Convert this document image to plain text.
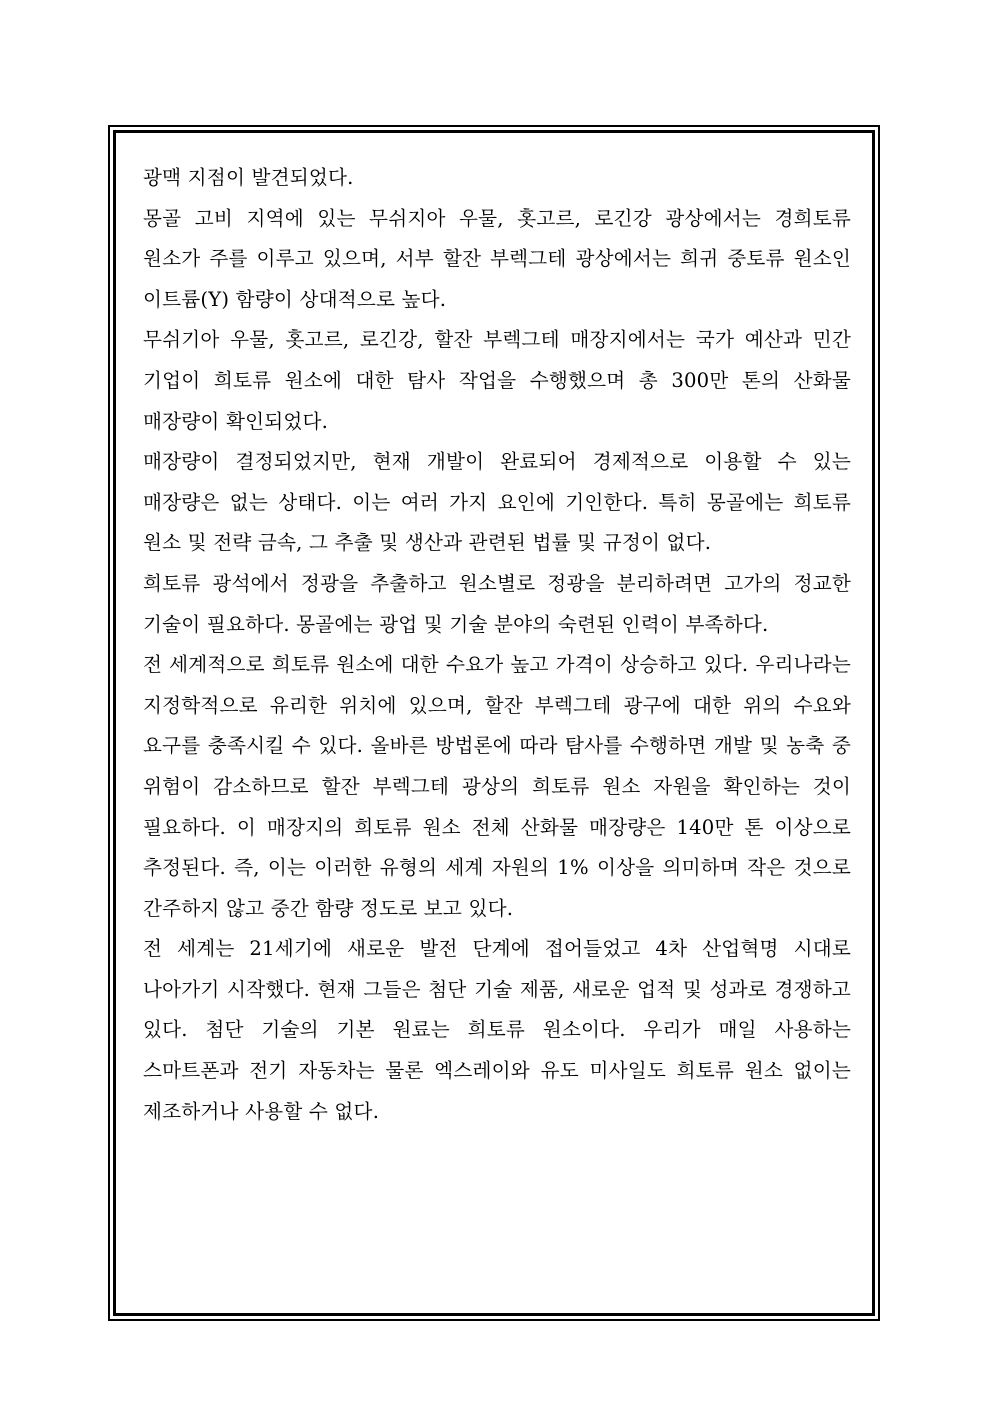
광맥 지점이 발견되었다.

몽골 고비 지역에 있는 무쉬지아 우물, 홋고르, 로긴강 광상에서는 경희토류 원소가 주를 이루고 있으며, 서부 할잔 부렉그테 광상에서는 희귀 중토류 원소인 이트륨(Y) 함량이 상대적으로 높다.

무쉬기아 우물, 홋고르, 로긴강, 할잔 부렉그테 매장지에서는 국가 예산과 민간 기업이 희토류 원소에 대한 탐사 작업을 수행했으며 총 300만 톤의 산화물 매장량이 확인되었다.

매장량이 결정되었지만, 현재 개발이 완료되어 경제적으로 이용할 수 있는 매장량은 없는 상태다. 이는 여러 가지 요인에 기인한다. 특히 몽골에는 희토류 원소 및 전략 금속, 그 추출 및 생산과 관련된 법률 및 규정이 없다.

희토류 광석에서 정광을 추출하고 원소별로 정광을 분리하려면 고가의 정교한 기술이 필요하다. 몽골에는 광업 및 기술 분야의 숙련된 인력이 부족하다.

전 세계적으로 희토류 원소에 대한 수요가 높고 가격이 상승하고 있다. 우리나라는 지정학적으로 유리한 위치에 있으며, 할잔 부렉그테 광구에 대한 위의 수요와 요구를 충족시킬 수 있다. 올바른 방법론에 따라 탐사를 수행하면 개발 및 농축 중 위험이 감소하므로 할잔 부렉그테 광상의 희토류 원소 자원을 확인하는 것이 필요하다. 이 매장지의 희토류 원소 전체 산화물 매장량은 140만 톤 이상으로 추정된다. 즉, 이는 이러한 유형의 세계 자원의 1% 이상을 의미하며 작은 것으로 간주하지 않고 중간 함량 정도로 보고 있다.

전 세계는 21세기에 새로운 발전 단계에 접어들었고 4차 산업혁명 시대로 나아가기 시작했다. 현재 그들은 첨단 기술 제품, 새로운 업적 및 성과로 경쟁하고 있다. 첨단 기술의 기본 원료는 희토류 원소이다. 우리가 매일 사용하는 스마트폰과 전기 자동차는 물론 엑스레이와 유도 미사일도 희토류 원소 없이는 제조하거나 사용할 수 없다.
